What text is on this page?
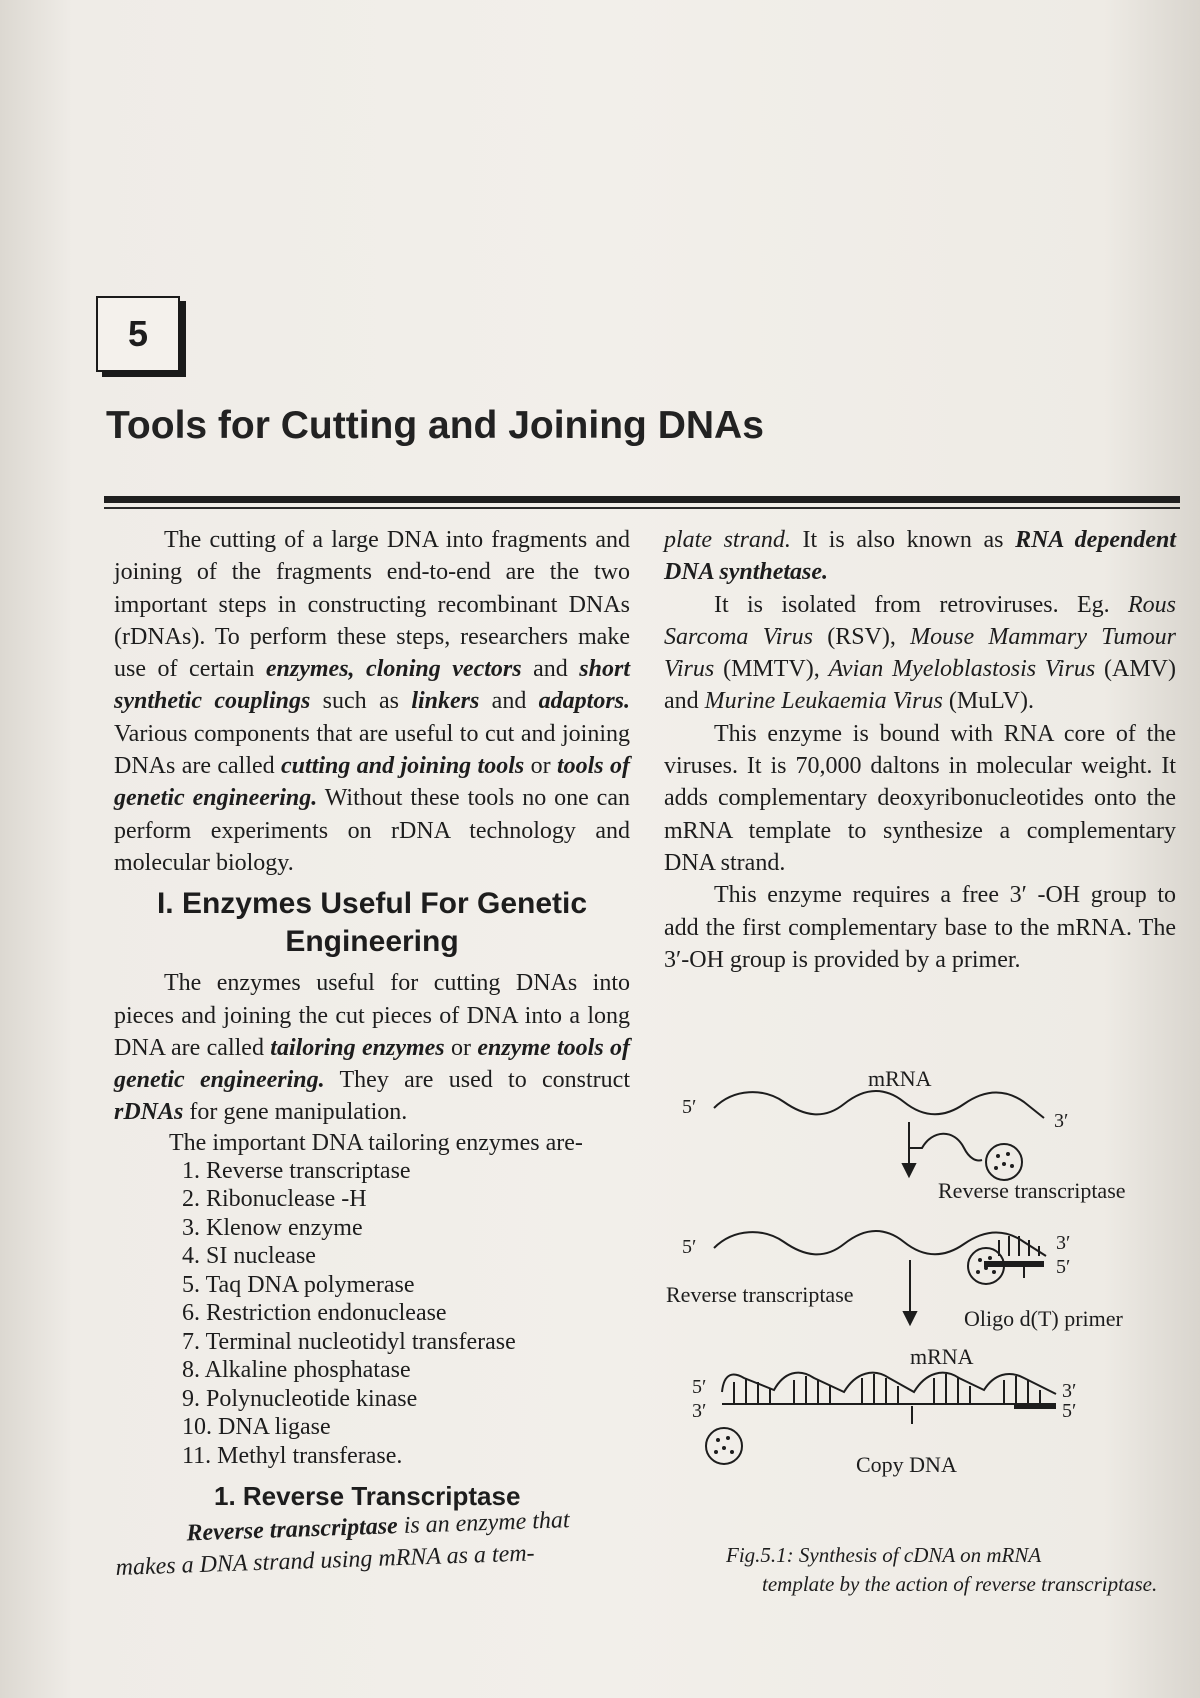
5
Tools for Cutting and Joining DNAs

The cutting of a large DNA into fragments and joining of the fragments end-to-end are the two important steps in constructing recombinant DNAs (rDNAs). To perform these steps, researchers make use of certain enzymes, cloning vectors and short synthetic couplings such as linkers and adaptors. Various components that are useful to cut and joining DNAs are called cutting and joining tools or tools of genetic engineering. Without these tools no one can perform experiments on rDNA technology and molecular biology.

I. Enzymes Useful For Genetic Engineering

The enzymes useful for cutting DNAs into pieces and joining the cut pieces of DNA into a long DNA are called tailoring enzymes or enzyme tools of genetic engineering. They are used to construct rDNAs for gene manipulation.

The important DNA tailoring enzymes are-

1. Reverse transcriptase
2. Ribonuclease -H
3. Klenow enzyme
4. SI nuclease
5. Taq DNA polymerase
6. Restriction endonuclease
7. Terminal nucleotidyl transferase
8. Alkaline phosphatase
9. Polynucleotide kinase
10. DNA ligase
11. Methyl transferase.
1. Reverse Transcriptase

Reverse transcriptase is an enzyme that makes a DNA strand using mRNA as a tem-

plate strand. It is also known as RNA dependent DNA synthetase.

It is isolated from retroviruses. Eg. Rous Sarcoma Virus (RSV), Mouse Mammary Tumour Virus (MMTV), Avian Myeloblastosis Virus (AMV) and Murine Leukaemia Virus (MuLV).

This enzyme is bound with RNA core of the viruses. It is 70,000 daltons in molecular weight. It adds complementary deoxyribonucleotides onto the mRNA template to synthesize a complementary DNA strand.

This enzyme requires a free 3′ -OH group to add the first complementary base to the mRNA. The 3′-OH group is provided by a primer.

mRNA
5′
3′
Reverse transcriptase
5′	3′
5′
Reverse transcriptase
Oligo d(T) primer
mRNA
5′
3′
3′
5′
Copy DNA

Fig.5.1: Synthesis of cDNA on mRNA
template by the action of reverse transcriptase.
